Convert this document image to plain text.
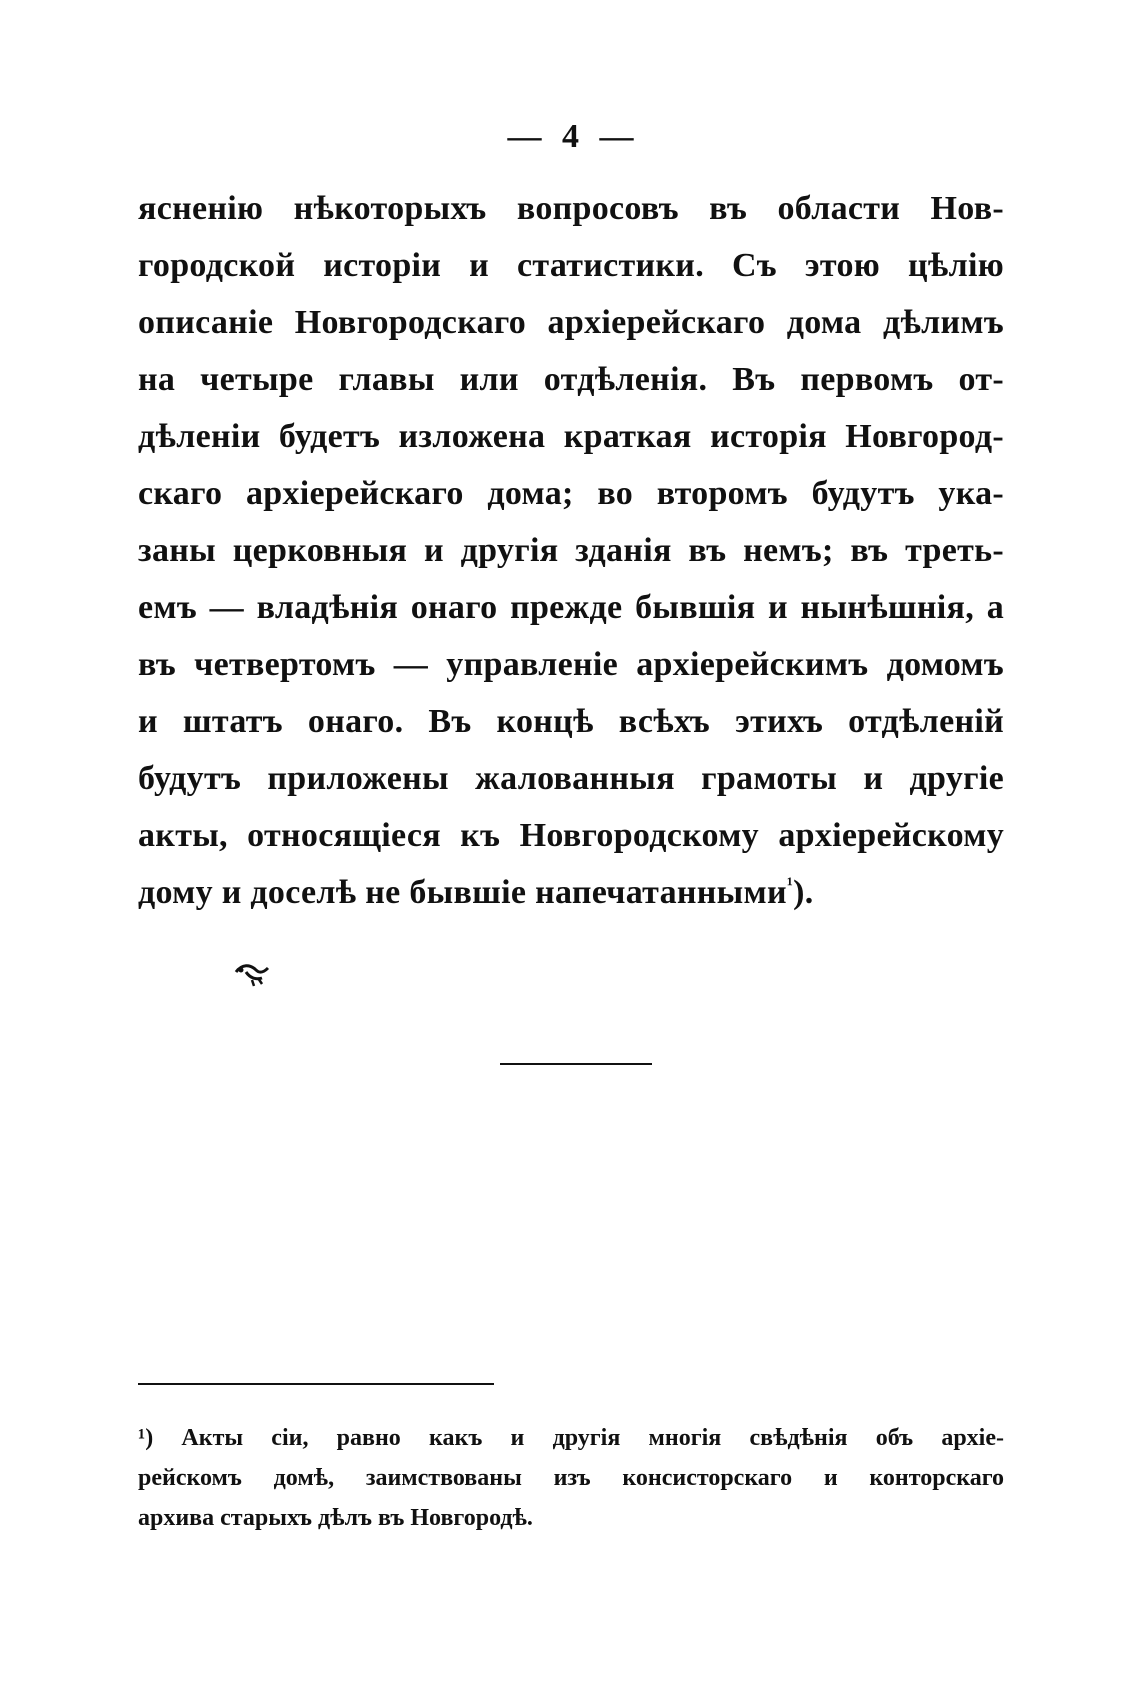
— 4 —
ясненію нѣкоторыхъ вопросовъ въ области Нов-
городской исторіи и статистики. Съ этою цѣлію
описаніе Новгородскаго архіерейскаго дома дѣлимъ
на четыре главы или отдѣленія. Въ первомъ от-
дѣленіи будетъ изложена краткая исторія Новгород-
скаго архіерейскаго дома; во второмъ будутъ ука-
заны церковныя и другія зданія въ немъ; въ треть-
емъ — владѣнія онаго прежде бывшія и нынѣшнія, а
въ четвертомъ — управленіе архіерейскимъ домомъ
и штатъ онаго. Въ концѣ всѣхъ этихъ отдѣленій
будутъ приложены жалованныя грамоты и другіе
акты, относящіеся къ Новгородскому архіерейскому
дому и доселѣ не бывшіе напечатанными$^{^1}$).
¹) Акты сіи, равно какъ и другія многія свѣдѣнія объ архіе-
рейскомъ домѣ, заимствованы изъ консисторскаго и конторскаго
архива старыхъ дѣлъ въ Новгородѣ.
